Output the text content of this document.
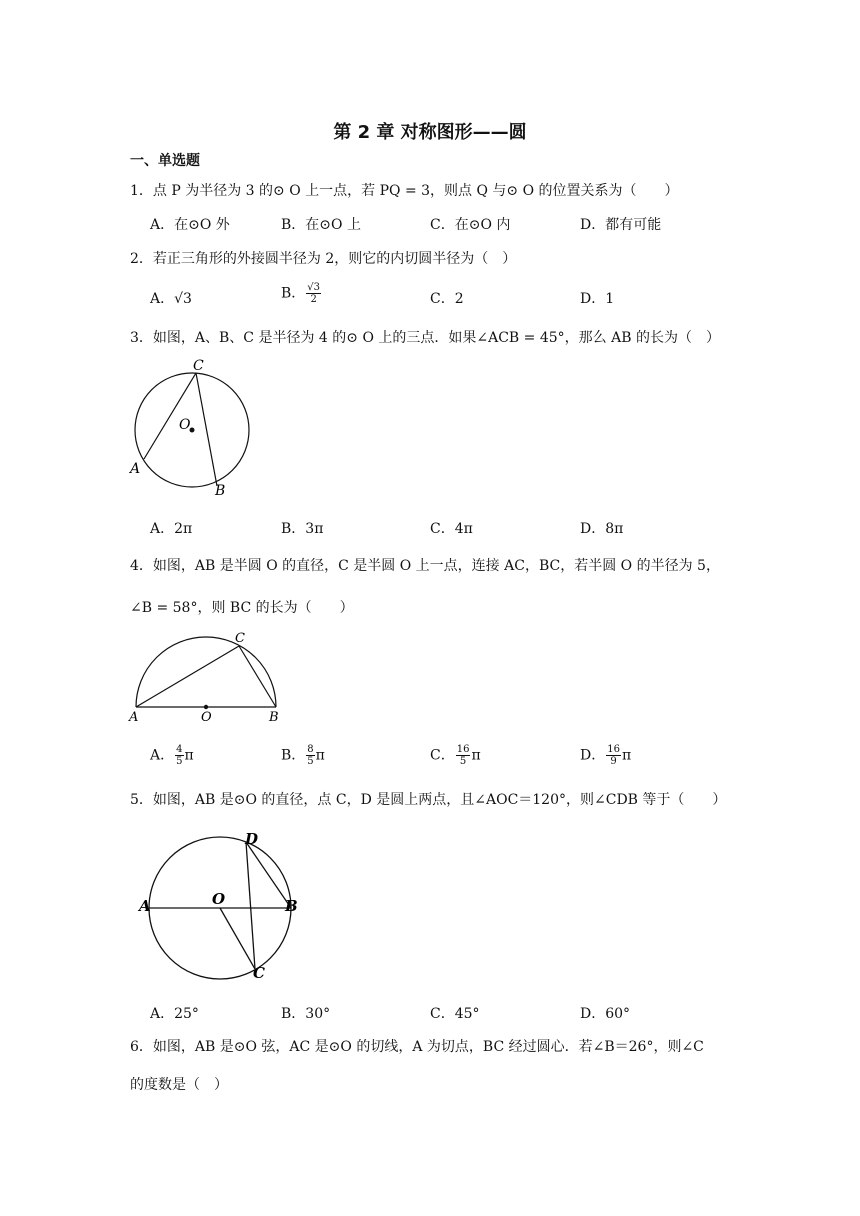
第 2 章 对称图形——圆
一、单选题
1．点 P 为半径为 3 的⊙ O 上一点，若 PQ = 3，则点 Q 与⊙ O 的位置关系为（　　）
A．在⊙O 外	B．在⊙O 上	C．在⊙O 内	D．都有可能
2．若正三角形的外接圆半径为 2，则它的内切圆半径为（　）
A．√3	B． $\frac{√3}{2}$	C．2	D．1
3．如图，A、B、C 是半径为 4 的⊙ O 上的三点．如果∠ACB = 45°，那么 AB 的长为（　）
C
O
A
B
A．2π	B．3π	C．4π	D．8π
4．如图，AB 是半圆 O 的直径，C 是半圆 O 上一点，连接 AC，BC，若半圆 O 的半径为 5，
∠B = 58°，则 BC 的长为（　　）
C
A	O	B
A． $\frac{4}{5}$ π	B． $\frac{8}{5}$ π	C． $\frac{16}{5}$ π	D． $\frac{16}{9}$ π
5．如图，AB 是⊙O 的直径，点 C，D 是圆上两点，且∠AOC＝120°，则∠CDB 等于（　　）
D
A	O	B
C
A．25°	B．30°	C．45°	D．60°
6．如图，AB 是⊙O 弦，AC 是⊙O 的切线，A 为切点，BC 经过圆心．若∠B＝26°，则∠C
的度数是（　）
